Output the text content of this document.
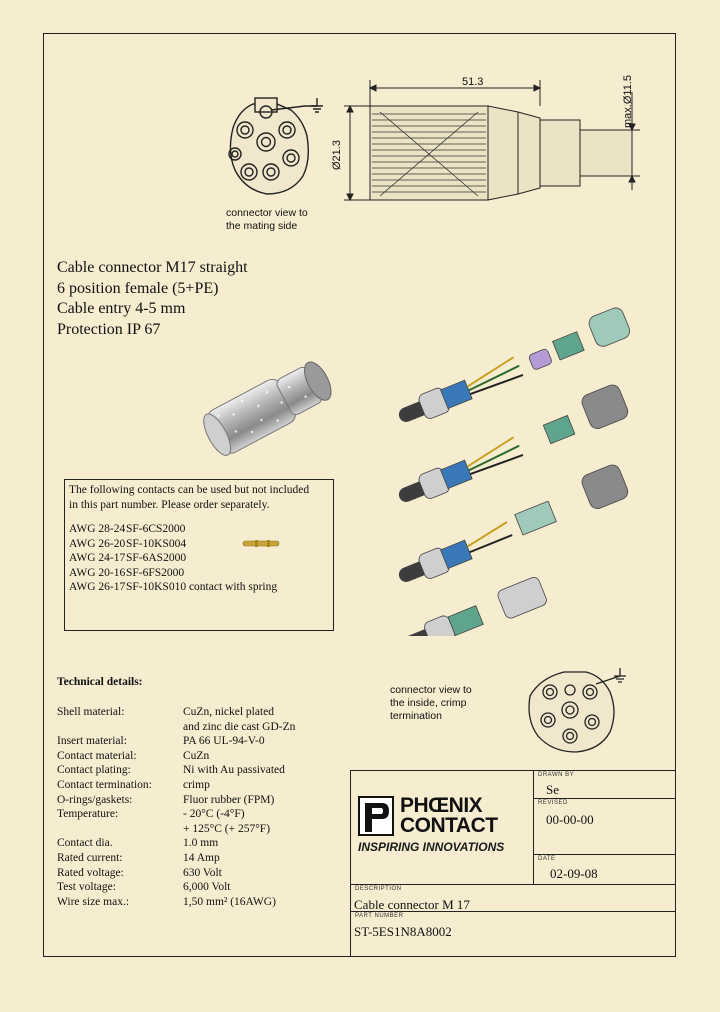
connector view to
the mating side
51.3
Ø21.3
max.Ø11.5
Cable connector M17 straight
6 position female (5+PE)
Cable entry 4-5 mm
Protection IP 67
The following contacts can be used but not included
in this part number. Please order separately.
AWG 28-24SF-6CS2000
AWG 26-20SF-10KS004
AWG 24-17SF-6AS2000
AWG 20-16SF-6FS2000
AWG 26-17SF-10KS010 contact with spring
Technical details:
Shell material:	CuZn, nickel plated
and zinc die cast GD-Zn
Insert material:	PA 66 UL-94-V-0
Contact material:	CuZn
Contact plating:	Ni with Au passivated
Contact termination:	crimp
O-rings/gaskets:	Fluor rubber (FPM)
Temperature:	- 20°C (-4°F)
+ 125°C (+ 257°F)
Contact dia.	1.0 mm
Rated current:	14 Amp
Rated voltage:	630 Volt
Test voltage:	6,000 Volt
Wire size max.:	1,50 mm² (16AWG)
connector view to
the inside, crimp
termination
PHŒNIX
CONTACT
INSPIRING INNOVATIONS
DRAWN BY
Se
REVISED
00-00-00
DATE
02-09-08
DESCRIPTION
Cable connector M 17
PART NUMBER
ST-5ES1N8A8002
